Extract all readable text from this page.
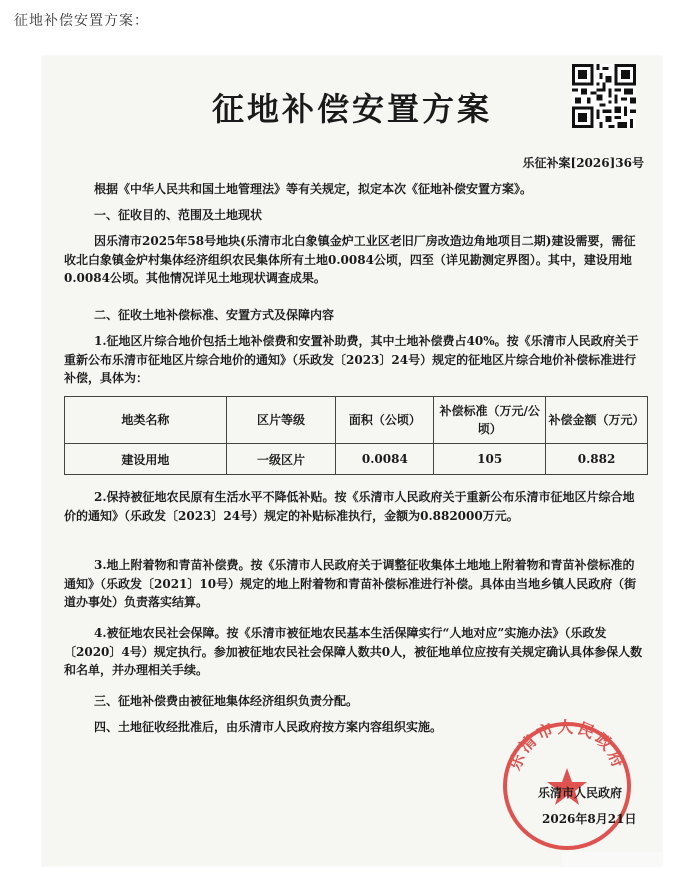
征地补偿安置方案：
征地补偿安置方案
乐征补案[2026]36号
根据《中华人民共和国土地管理法》等有关规定，拟定本次《征地补偿安置方案》。
一、征收目的、范围及土地现状
因乐清市2025年58号地块(乐清市北白象镇金炉工业区老旧厂房改造边角地项目二期)建设需要，需征收北白象镇金炉村集体经济组织农民集体所有土地0.0084公顷，四至（详见勘测定界图）。其中，建设用地0.0084公顷。其他情况详见土地现状调查成果。
二、征收土地补偿标准、安置方式及保障内容
1.征地区片综合地价包括土地补偿费和安置补助费，其中土地补偿费占40%。按《乐清市人民政府关于重新公布乐清市征地区片综合地价的通知》（乐政发〔2023〕24号）规定的征地区片综合地价补偿标准进行补偿，具体为：
地类名称	区片等级	面积（公顷）	补偿标准（万元/公顷）	补偿金额（万元）
建设用地	一级区片	0.0084	105	0.882
2.保持被征地农民原有生活水平不降低补贴。按《乐清市人民政府关于重新公布乐清市征地区片综合地价的通知》（乐政发〔2023〕24号）规定的补贴标准执行，金额为0.882000万元。
3.地上附着物和青苗补偿费。按《乐清市人民政府关于调整征收集体土地地上附着物和青苗补偿标准的通知》（乐政发〔2021〕10号）规定的地上附着物和青苗补偿标准进行补偿。具体由当地乡镇人民政府（街道办事处）负责落实结算。
4.被征地农民社会保障。按《乐清市被征地农民基本生活保障实行“人地对应”实施办法》（乐政发〔2020〕4号）规定执行。参加被征地农民社会保障人数共0人，被征地单位应按有关规定确认具体参保人数和名单，并办理相关手续。
三、征地补偿费由被征地集体经济组织负责分配。
四、土地征收经批准后，由乐清市人民政府按方案内容组织实施。
乐清市人民政府
乐清市人民政府
2026年8月21日
